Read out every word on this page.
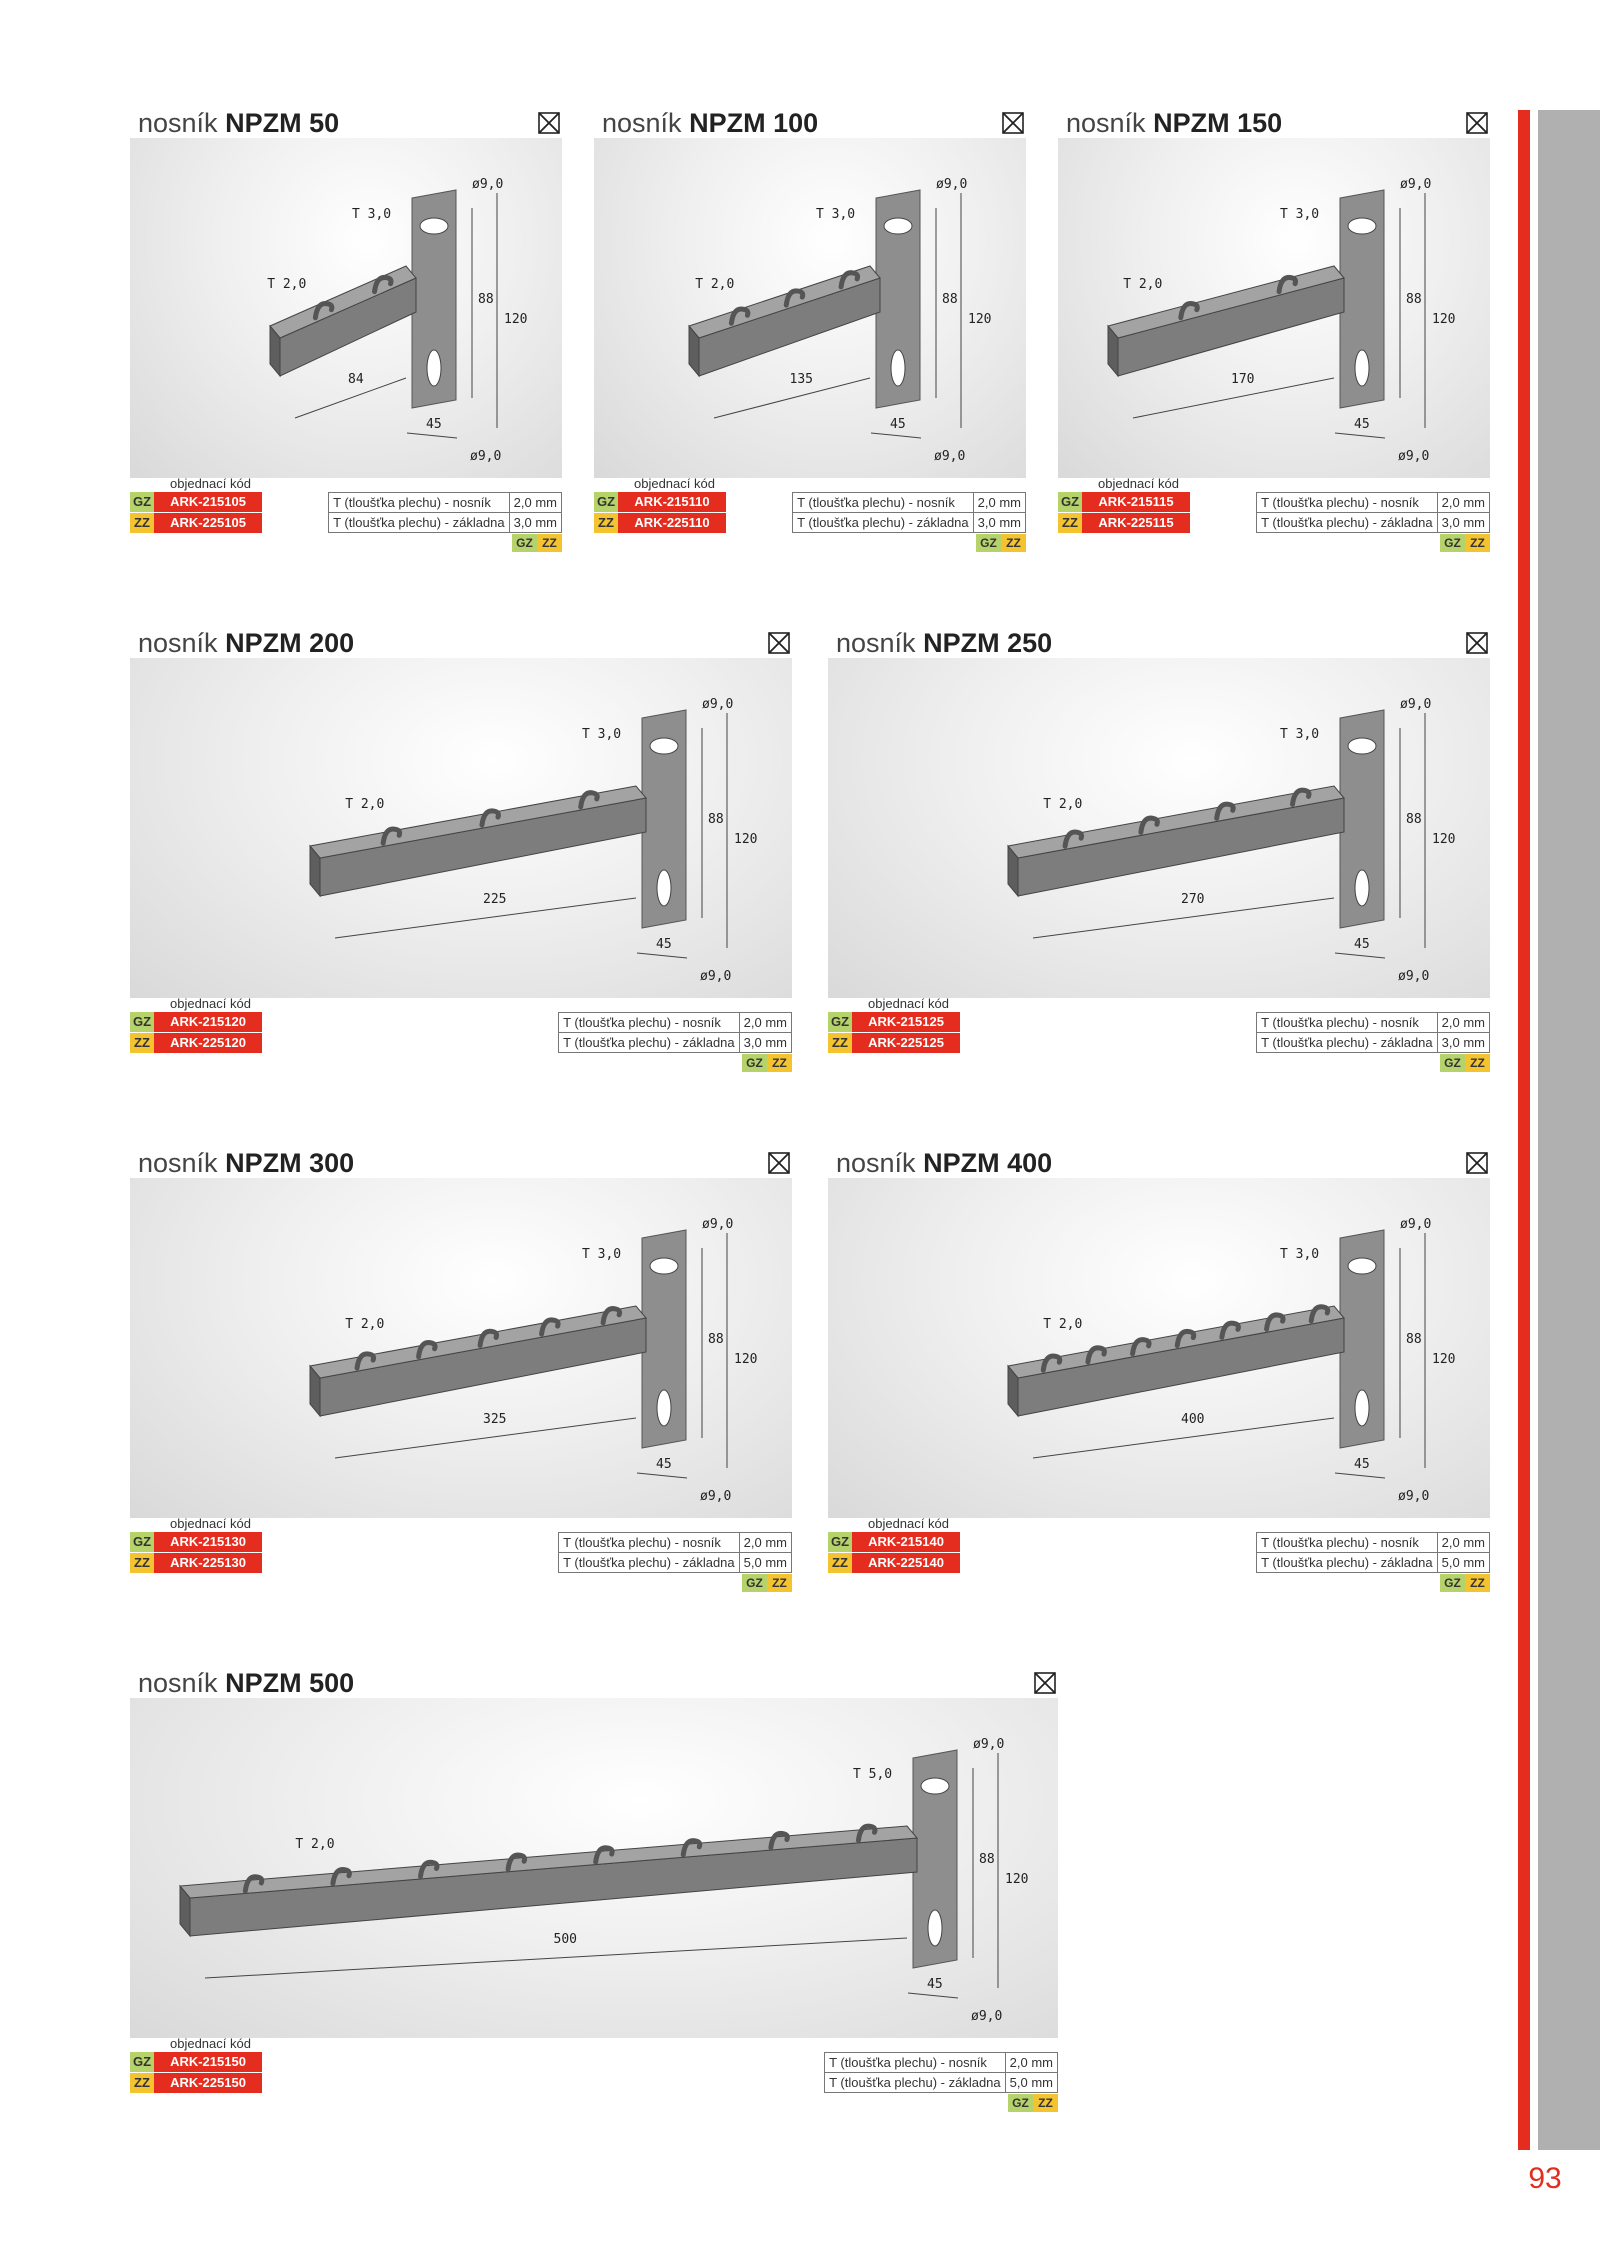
93
nosník NPZM 50
T 3,0
T 2,0
ø9,0
ø9,0
84
88
120
45
objednací kód
GZ	ARK-215105
ZZ	ARK-225105
T (tloušťka plechu) - nosník	2,0 mm
T (tloušťka plechu) - základna	3,0 mm
GZ ZZ
nosník NPZM 100
T 3,0
T 2,0
ø9,0
ø9,0
135
88
120
45
objednací kód
GZ	ARK-215110
ZZ	ARK-225110
T (tloušťka plechu) - nosník	2,0 mm
T (tloušťka plechu) - základna	3,0 mm
GZ ZZ
nosník NPZM 150
T 3,0
T 2,0
ø9,0
ø9,0
170
88
120
45
objednací kód
GZ	ARK-215115
ZZ	ARK-225115
T (tloušťka plechu) - nosník	2,0 mm
T (tloušťka plechu) - základna	3,0 mm
GZ ZZ
nosník NPZM 200
T 3,0
T 2,0
ø9,0
ø9,0
225
88
120
45
objednací kód
GZ	ARK-215120
ZZ	ARK-225120
T (tloušťka plechu) - nosník	2,0 mm
T (tloušťka plechu) - základna	3,0 mm
GZ ZZ
nosník NPZM 250
T 3,0
T 2,0
ø9,0
ø9,0
270
88
120
45
objednací kód
GZ	ARK-215125
ZZ	ARK-225125
T (tloušťka plechu) - nosník	2,0 mm
T (tloušťka plechu) - základna	3,0 mm
GZ ZZ
nosník NPZM 300
T 3,0
T 2,0
ø9,0
ø9,0
325
88
120
45
objednací kód
GZ	ARK-215130
ZZ	ARK-225130
T (tloušťka plechu) - nosník	2,0 mm
T (tloušťka plechu) - základna	5,0 mm
GZ ZZ
nosník NPZM 400
T 3,0
T 2,0
ø9,0
ø9,0
400
88
120
45
objednací kód
GZ	ARK-215140
ZZ	ARK-225140
T (tloušťka plechu) - nosník	2,0 mm
T (tloušťka plechu) - základna	5,0 mm
GZ ZZ
nosník NPZM 500
T 5,0
T 2,0
ø9,0
ø9,0
500
88
120
45
objednací kód
GZ	ARK-215150
ZZ	ARK-225150
T (tloušťka plechu) - nosník	2,0 mm
T (tloušťka plechu) - základna	5,0 mm
GZ ZZ
